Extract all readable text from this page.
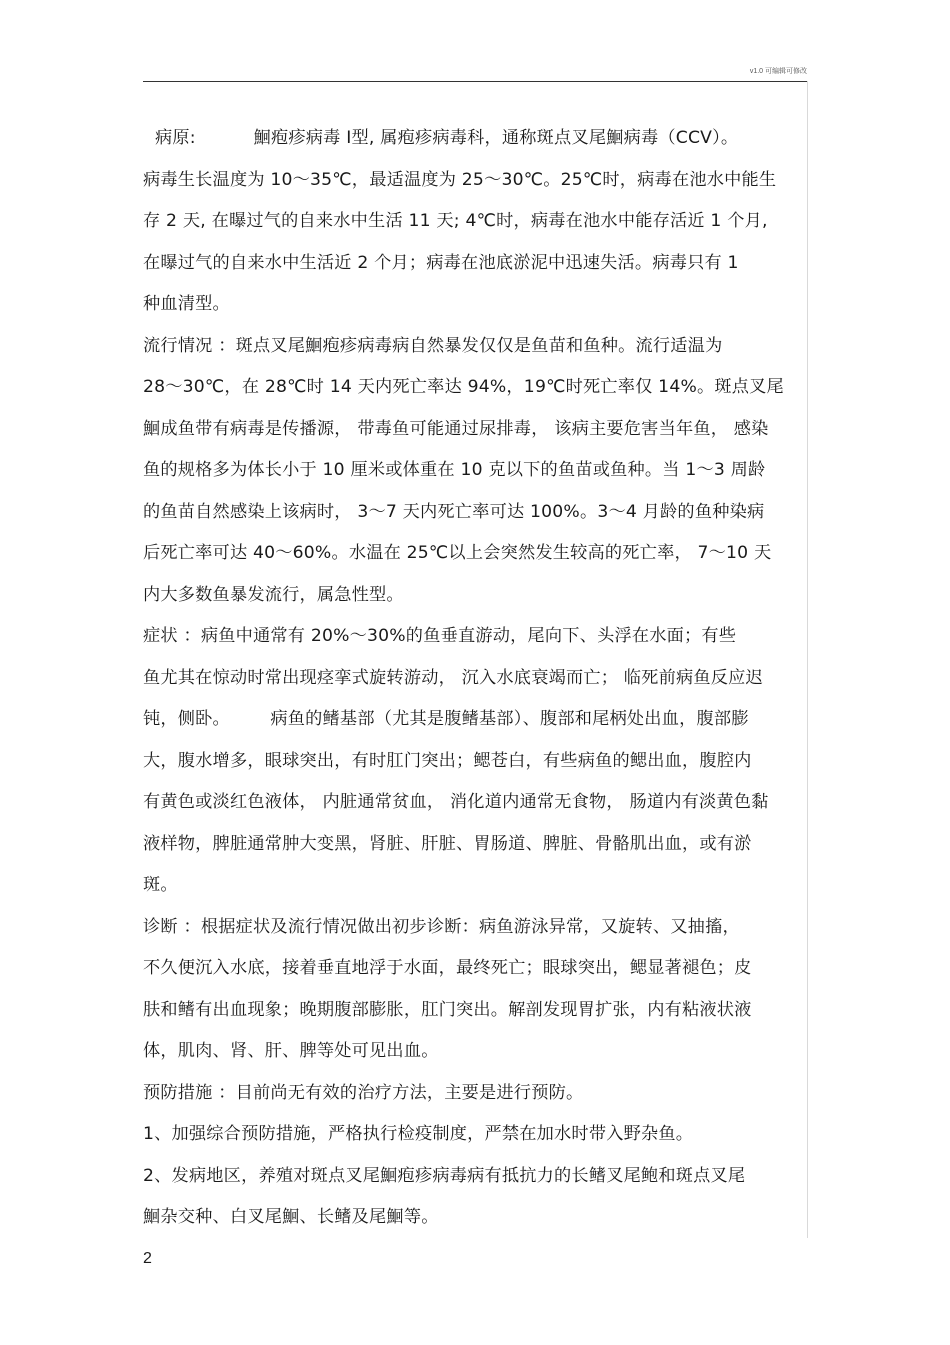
v1.0 可编辑可修改

病原: 　　　鮰疱疹病毒 Ⅰ型, 属疱疹病毒科，通称斑点叉尾鮰病毒（CCV）。
病毒生长温度为 10～35℃，最适温度为 25～30℃。25℃时，病毒在池水中能生
存 2 天, 在曝过气的自来水中生活 11 天; 4℃时，病毒在池水中能存活近 1 个月,
在曝过气的自来水中生活近 2 个月；病毒在池底淤泥中迅速失活。病毒只有 1
种血清型。

流行情况 ：斑点叉尾鮰疱疹病毒病自然暴发仅仅是鱼苗和鱼种。流行适温为
28～30℃，在 28℃时 14 天内死亡率达 94%，19℃时死亡率仅 14%。斑点叉尾
鮰成鱼带有病毒是传播源， 带毒鱼可能通过尿排毒， 该病主要危害当年鱼， 感染
鱼的规格多为体长小于 10 厘米或体重在 10 克以下的鱼苗或鱼种。当 1～3 周龄
的鱼苗自然感染上该病时， 3～7 天内死亡率可达 100%。3～4 月龄的鱼种染病
后死亡率可达 40～60%。水温在 25℃以上会突然发生较高的死亡率， 7～10 天
内大多数鱼暴发流行，属急性型。

症状 ：病鱼中通常有 20%～30%的鱼垂直游动，尾向下、头浮在水面；有些
鱼尤其在惊动时常出现痉挛式旋转游动， 沉入水底衰竭而亡； 临死前病鱼反应迟
钝，侧卧。 　　病鱼的鳍基部（尤其是腹鳍基部）、腹部和尾柄处出血，腹部膨
大，腹水增多，眼球突出，有时肛门突出；鳃苍白，有些病鱼的鳃出血，腹腔内
有黄色或淡红色液体， 内脏通常贫血， 消化道内通常无食物， 肠道内有淡黄色黏
液样物，脾脏通常肿大变黑，肾脏、肝脏、胃肠道、脾脏、骨骼肌出血，或有淤
斑。

诊断 ：根据症状及流行情况做出初步诊断：病鱼游泳异常，又旋转、又抽搐，
不久便沉入水底，接着垂直地浮于水面，最终死亡；眼球突出，鳃显著褪色；皮
肤和鳍有出血现象；晚期腹部膨胀，肛门突出。解剖发现胃扩张，内有粘液状液
体，肌肉、肾、肝、脾等处可见出血。

预防措施 ：目前尚无有效的治疗方法，主要是进行预防。
1、加强综合预防措施，严格执行检疫制度，严禁在加水时带入野杂鱼。
2、发病地区，养殖对斑点叉尾鮰疱疹病毒病有抵抗力的长鳍叉尾鲍和斑点叉尾
鮰杂交种、白叉尾鮰、长鳍及尾鮰等。

2
